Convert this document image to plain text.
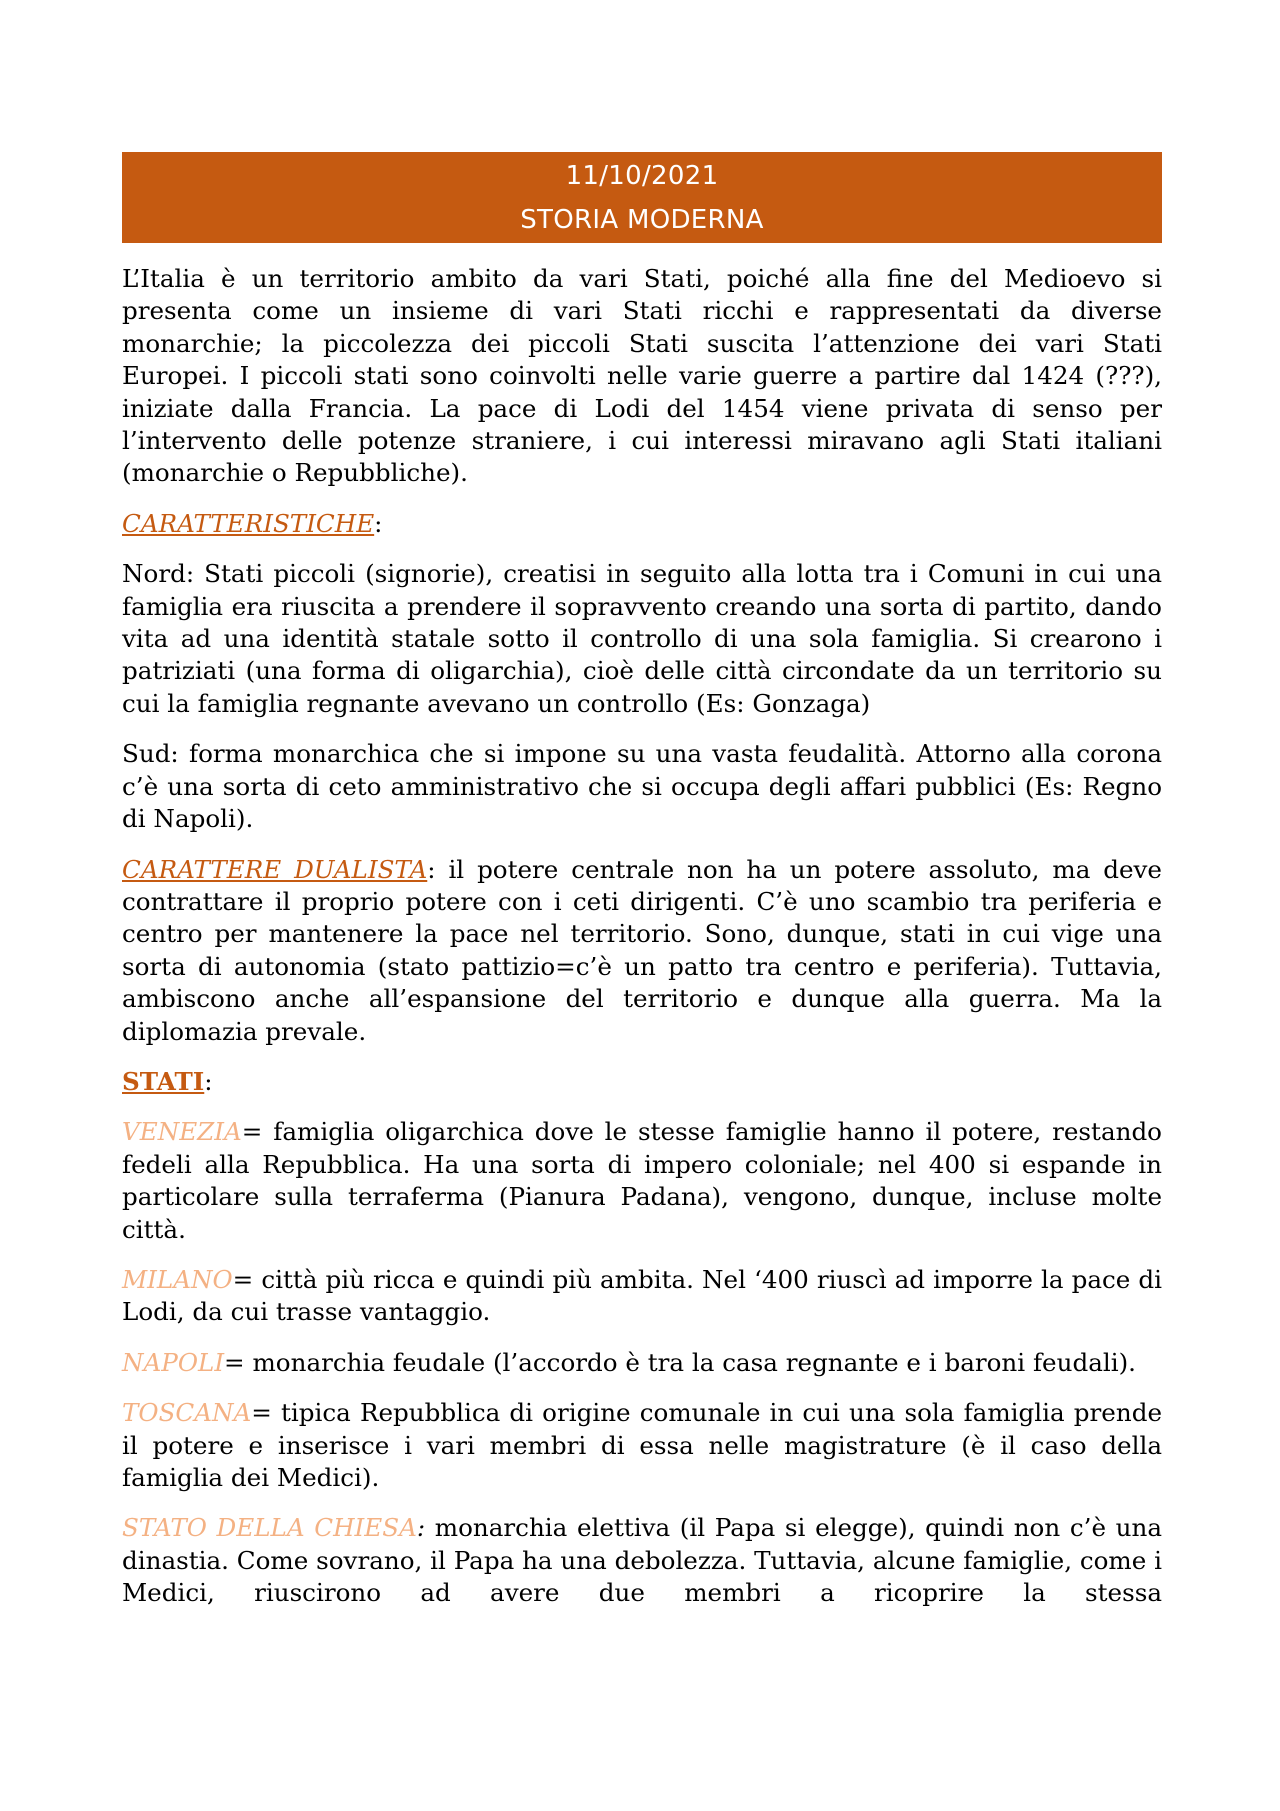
11/10/2021
STORIA MODERNA

L’Italia è un territorio ambito da vari Stati, poiché alla fine del Medioevo si presenta come un insieme di vari Stati ricchi e rappresentati da diverse monarchie; la piccolezza dei piccoli Stati suscita l’attenzione dei vari Stati Europei. I piccoli stati sono coinvolti nelle varie guerre a partire dal 1424 (???), iniziate dalla Francia. La pace di Lodi del 1454 viene privata di senso per l’intervento delle potenze straniere, i cui interessi miravano agli Stati italiani (monarchie o Repubbliche).

CARATTERISTICHE:

Nord: Stati piccoli (signorie), creatisi in seguito alla lotta tra i Comuni in cui una famiglia era riuscita a prendere il sopravvento creando una sorta di partito, dando vita ad una identità statale sotto il controllo di una sola famiglia. Si crearono i patriziati (una forma di oligarchia), cioè delle città circondate da un territorio su cui la famiglia regnante avevano un controllo (Es: Gonzaga)

Sud: forma monarchica che si impone su una vasta feudalità. Attorno alla corona c’è una sorta di ceto amministrativo che si occupa degli affari pubblici (Es: Regno di Napoli).

CARATTERE DUALISTA: il potere centrale non ha un potere assoluto, ma deve contrattare il proprio potere con i ceti dirigenti. C’è uno scambio tra periferia e centro per mantenere la pace nel territorio. Sono, dunque, stati in cui vige una sorta di autonomia (stato pattizio=c’è un patto tra centro e periferia). Tuttavia, ambiscono anche all’espansione del territorio e dunque alla guerra. Ma la diplomazia prevale.

STATI:

VENEZIA= famiglia oligarchica dove le stesse famiglie hanno il potere, restando fedeli alla Repubblica. Ha una sorta di impero coloniale; nel 400 si espande in particolare sulla terraferma (Pianura Padana), vengono, dunque, incluse molte città.

MILANO= città più ricca e quindi più ambita. Nel ‘400 riuscì ad imporre la pace di Lodi, da cui trasse vantaggio.

NAPOLI= monarchia feudale (l’accordo è tra la casa regnante e i baroni feudali).

TOSCANA= tipica Repubblica di origine comunale in cui una sola famiglia prende il potere e inserisce i vari membri di essa nelle magistrature (è il caso della famiglia dei Medici).

STATO DELLA CHIESA: monarchia elettiva (il Papa si elegge), quindi non c’è una dinastia. Come sovrano, il Papa ha una debolezza. Tuttavia, alcune famiglie, come i Medici, riuscirono ad avere due membri a ricoprire la stessa
